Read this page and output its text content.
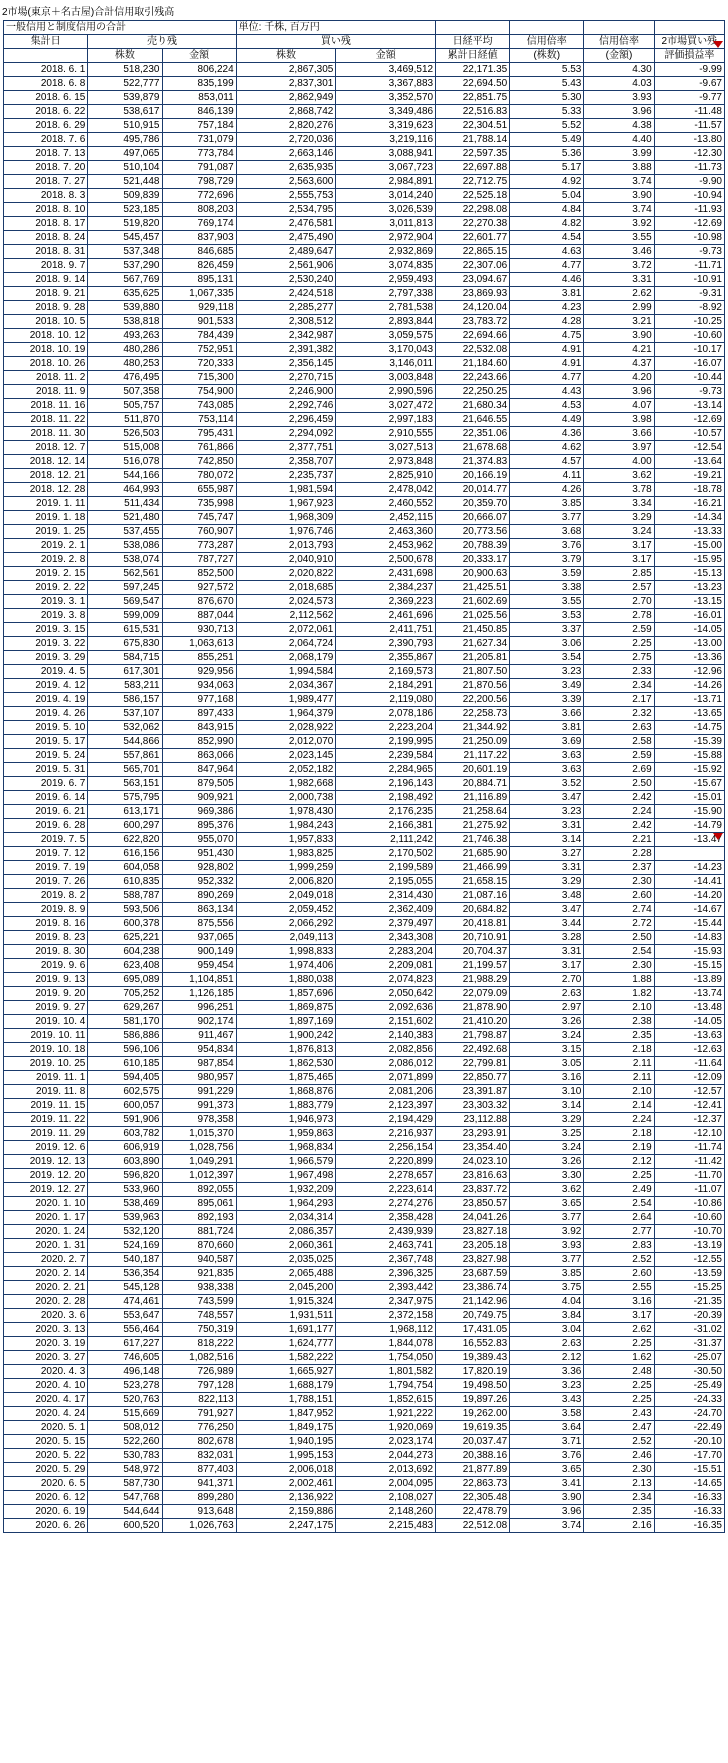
2市場(東京＋名古屋)合計信用取引残高
一般信用と制度信用の合計			単位: 千株, 百万円					
集計日	売り残		買い残		日経平均	信用倍率	信用倍率	2市場買い残

	株数	金額	株数	金額	累計日経値	(株数)	(金額)	評価損益率
2018. 6. 1	518,230	806,224	2,867,305	3,469,512	22,171.35	5.53	4.30	-9.99
2018. 6. 8	522,777	835,199	2,837,301	3,367,883	22,694.50	5.43	4.03	-9.67
2018. 6. 15	539,879	853,011	2,862,949	3,352,570	22,851.75	5.30	3.93	-9.77
2018. 6. 22	538,617	846,139	2,868,742	3,349,486	22,516.83	5.33	3.96	-11.48
2018. 6. 29	510,915	757,184	2,820,276	3,319,623	22,304.51	5.52	4.38	-11.57
2018. 7. 6	495,786	731,079	2,720,036	3,219,116	21,788.14	5.49	4.40	-13.80
2018. 7. 13	497,065	773,784	2,663,146	3,088,941	22,597.35	5.36	3.99	-12.30
2018. 7. 20	510,104	791,087	2,635,935	3,067,723	22,697.88	5.17	3.88	-11.73
2018. 7. 27	521,448	798,729	2,563,600	2,984,891	22,712.75	4.92	3.74	-9.90
2018. 8. 3	509,839	772,696	2,555,753	3,014,240	22,525.18	5.04	3.90	-10.94
2018. 8. 10	523,185	808,203	2,534,795	3,026,539	22,298.08	4.84	3.74	-11.93
2018. 8. 17	519,820	769,174	2,476,581	3,011,813	22,270.38	4.82	3.92	-12.69
2018. 8. 24	545,457	837,903	2,475,490	2,972,904	22,601.77	4.54	3.55	-10.98
2018. 8. 31	537,348	846,685	2,489,647	2,932,869	22,865.15	4.63	3.46	-9.73
2018. 9. 7	537,290	826,459	2,561,906	3,074,835	22,307.06	4.77	3.72	-11.71
2018. 9. 14	567,769	895,131	2,530,240	2,959,493	23,094.67	4.46	3.31	-10.91
2018. 9. 21	635,625	1,067,335	2,424,518	2,797,338	23,869.93	3.81	2.62	-9.31
2018. 9. 28	539,880	929,118	2,285,277	2,781,538	24,120.04	4.23	2.99	-8.92
2018. 10. 5	538,818	901,533	2,308,512	2,893,844	23,783.72	4.28	3.21	-10.25
2018. 10. 12	493,263	784,439	2,342,987	3,059,575	22,694.66	4.75	3.90	-10.60
2018. 10. 19	480,286	752,951	2,391,382	3,170,043	22,532.08	4.91	4.21	-10.17
2018. 10. 26	480,253	720,333	2,356,145	3,146,011	21,184.60	4.91	4.37	-16.07
2018. 11. 2	476,495	715,300	2,270,715	3,003,848	22,243.66	4.77	4.20	-10.44
2018. 11. 9	507,358	754,900	2,246,900	2,990,596	22,250.25	4.43	3.96	-9.73
2018. 11. 16	505,757	743,085	2,292,746	3,027,472	21,680.34	4.53	4.07	-13.14
2018. 11. 22	511,870	753,114	2,296,459	2,997,183	21,646.55	4.49	3.98	-12.69
2018. 11. 30	526,503	795,431	2,294,092	2,910,555	22,351.06	4.36	3.66	-10.57
2018. 12. 7	515,008	761,866	2,377,751	3,027,513	21,678.68	4.62	3.97	-12.54
2018. 12. 14	516,078	742,850	2,358,707	2,973,848	21,374.83	4.57	4.00	-13.64
2018. 12. 21	544,166	780,072	2,235,737	2,825,910	20,166.19	4.11	3.62	-19.21
2018. 12. 28	464,993	655,987	1,981,594	2,478,042	20,014.77	4.26	3.78	-18.78
2019. 1. 11	511,434	735,998	1,967,923	2,460,552	20,359.70	3.85	3.34	-16.21
2019. 1. 18	521,480	745,747	1,968,309	2,452,115	20,666.07	3.77	3.29	-14.34
2019. 1. 25	537,455	760,907	1,976,746	2,463,360	20,773.56	3.68	3.24	-13.33
2019. 2. 1	538,086	773,287	2,013,793	2,453,962	20,788.39	3.76	3.17	-15.00
2019. 2. 8	538,074	787,727	2,040,910	2,500,678	20,333.17	3.79	3.17	-15.95
2019. 2. 15	562,561	852,500	2,020,822	2,431,698	20,900.63	3.59	2.85	-15.13
2019. 2. 22	597,245	927,572	2,018,685	2,384,237	21,425.51	3.38	2.57	-13.23
2019. 3. 1	569,547	876,670	2,024,573	2,369,223	21,602.69	3.55	2.70	-13.15
2019. 3. 8	599,009	887,044	2,112,562	2,461,696	21,025.56	3.53	2.78	-16.01
2019. 3. 15	615,531	930,713	2,072,061	2,411,751	21,450.85	3.37	2.59	-14.05
2019. 3. 22	675,830	1,063,613	2,064,724	2,390,793	21,627.34	3.06	2.25	-13.00
2019. 3. 29	584,715	855,251	2,068,179	2,355,867	21,205.81	3.54	2.75	-13.36
2019. 4. 5	617,301	929,956	1,994,584	2,169,573	21,807.50	3.23	2.33	-12.96
2019. 4. 12	583,211	934,063	2,034,367	2,184,291	21,870.56	3.49	2.34	-14.26
2019. 4. 19	586,157	977,168	1,989,477	2,119,080	22,200.56	3.39	2.17	-13.71
2019. 4. 26	537,107	897,433	1,964,379	2,078,186	22,258.73	3.66	2.32	-13.65
2019. 5. 10	532,062	843,915	2,028,922	2,223,204	21,344.92	3.81	2.63	-14.75
2019. 5. 17	544,866	852,990	2,012,070	2,199,995	21,250.09	3.69	2.58	-15.39
2019. 5. 24	557,861	863,066	2,023,145	2,239,584	21,117.22	3.63	2.59	-15.88
2019. 5. 31	565,701	847,964	2,052,182	2,284,965	20,601.19	3.63	2.69	-15.92
2019. 6. 7	563,151	879,505	1,982,668	2,196,143	20,884.71	3.52	2.50	-15.67
2019. 6. 14	575,795	909,921	2,000,738	2,198,492	21,116.89	3.47	2.42	-15.01
2019. 6. 21	613,171	969,386	1,978,430	2,176,235	21,258.64	3.23	2.24	-15.90
2019. 6. 28	600,297	895,376	1,984,243	2,166,381	21,275.92	3.31	2.42	-14.79
2019. 7. 5	622,820	955,070	1,957,833	2,111,242	21,746.38	3.14	2.21	-13.47

2019. 7. 12	616,156	951,430	1,983,825	2,170,502	21,685.90	3.27	2.28	
2019. 7. 19	604,058	928,802	1,999,259	2,199,589	21,466.99	3.31	2.37	-14.23
2019. 7. 26	610,835	952,332	2,006,820	2,195,055	21,658.15	3.29	2.30	-14.41
2019. 8. 2	588,787	890,269	2,049,018	2,314,430	21,087.16	3.48	2.60	-14.20
2019. 8. 9	593,506	863,134	2,059,452	2,362,409	20,684.82	3.47	2.74	-14.67
2019. 8. 16	600,378	875,556	2,066,292	2,379,497	20,418.81	3.44	2.72	-15.44
2019. 8. 23	625,221	937,065	2,049,113	2,343,308	20,710.91	3.28	2.50	-14.83
2019. 8. 30	604,238	900,149	1,998,833	2,283,204	20,704.37	3.31	2.54	-15.93
2019. 9. 6	623,408	959,454	1,974,406	2,209,081	21,199.57	3.17	2.30	-15.15
2019. 9. 13	695,089	1,104,851	1,880,038	2,074,823	21,988.29	2.70	1.88	-13.89
2019. 9. 20	705,252	1,126,185	1,857,696	2,050,642	22,079.09	2.63	1.82	-13.74
2019. 9. 27	629,267	996,251	1,869,875	2,092,636	21,878.90	2.97	2.10	-13.48
2019. 10. 4	581,170	902,174	1,897,169	2,151,602	21,410.20	3.26	2.38	-14.05
2019. 10. 11	586,886	911,467	1,900,242	2,140,383	21,798.87	3.24	2.35	-13.63
2019. 10. 18	596,106	954,834	1,876,813	2,082,856	22,492.68	3.15	2.18	-12.63
2019. 10. 25	610,185	987,854	1,862,530	2,086,012	22,799.81	3.05	2.11	-11.64
2019. 11. 1	594,405	980,957	1,875,465	2,071,899	22,850.77	3.16	2.11	-12.09
2019. 11. 8	602,575	991,229	1,868,876	2,081,206	23,391.87	3.10	2.10	-12.57
2019. 11. 15	600,057	991,373	1,883,779	2,123,397	23,303.32	3.14	2.14	-12.41
2019. 11. 22	591,906	978,358	1,946,973	2,194,429	23,112.88	3.29	2.24	-12.37
2019. 11. 29	603,782	1,015,370	1,959,863	2,216,937	23,293.91	3.25	2.18	-12.10
2019. 12. 6	606,919	1,028,756	1,968,834	2,256,154	23,354.40	3.24	2.19	-11.74
2019. 12. 13	603,890	1,049,291	1,966,579	2,220,899	24,023.10	3.26	2.12	-11.42
2019. 12. 20	596,820	1,012,397	1,967,498	2,278,657	23,816.63	3.30	2.25	-11.70
2019. 12. 27	533,960	892,055	1,932,209	2,223,614	23,837.72	3.62	2.49	-11.07
2020. 1. 10	538,469	895,061	1,964,293	2,274,276	23,850.57	3.65	2.54	-10.86
2020. 1. 17	539,963	892,193	2,034,314	2,358,428	24,041.26	3.77	2.64	-10.60
2020. 1. 24	532,120	881,724	2,086,357	2,439,939	23,827.18	3.92	2.77	-10.70
2020. 1. 31	524,169	870,660	2,060,361	2,463,741	23,205.18	3.93	2.83	-13.19
2020. 2. 7	540,187	940,587	2,035,025	2,367,748	23,827.98	3.77	2.52	-12.55
2020. 2. 14	536,354	921,835	2,065,488	2,396,325	23,687.59	3.85	2.60	-13.59
2020. 2. 21	545,128	938,338	2,045,200	2,393,442	23,386.74	3.75	2.55	-15.25
2020. 2. 28	474,461	743,599	1,915,324	2,347,975	21,142.96	4.04	3.16	-21.35
2020. 3. 6	553,647	748,557	1,931,511	2,372,158	20,749.75	3.84	3.17	-20.39
2020. 3. 13	556,464	750,319	1,691,177	1,968,112	17,431.05	3.04	2.62	-31.02
2020. 3. 19	617,227	818,222	1,624,777	1,844,078	16,552.83	2.63	2.25	-31.37
2020. 3. 27	746,605	1,082,516	1,582,222	1,754,050	19,389.43	2.12	1.62	-25.07
2020. 4. 3	496,148	726,989	1,665,927	1,801,582	17,820.19	3.36	2.48	-30.50
2020. 4. 10	523,278	797,128	1,688,179	1,794,754	19,498.50	3.23	2.25	-25.49
2020. 4. 17	520,763	822,113	1,788,151	1,852,615	19,897.26	3.43	2.25	-24.33
2020. 4. 24	515,669	791,927	1,847,952	1,921,222	19,262.00	3.58	2.43	-24.70
2020. 5. 1	508,012	776,250	1,849,175	1,920,069	19,619.35	3.64	2.47	-22.49
2020. 5. 15	522,260	802,678	1,940,195	2,023,174	20,037.47	3.71	2.52	-20.10
2020. 5. 22	530,783	832,031	1,995,153	2,044,273	20,388.16	3.76	2.46	-17.70
2020. 5. 29	548,972	877,403	2,006,018	2,013,692	21,877.89	3.65	2.30	-15.51
2020. 6. 5	587,730	941,371	2,002,461	2,004,095	22,863.73	3.41	2.13	-14.65
2020. 6. 12	547,768	899,280	2,136,922	2,108,027	22,305.48	3.90	2.34	-16.33
2020. 6. 19	544,644	913,648	2,159,886	2,148,260	22,478.79	3.96	2.35	-16.33
2020. 6. 26	600,520	1,026,763	2,247,175	2,215,483	22,512.08	3.74	2.16	-16.35
